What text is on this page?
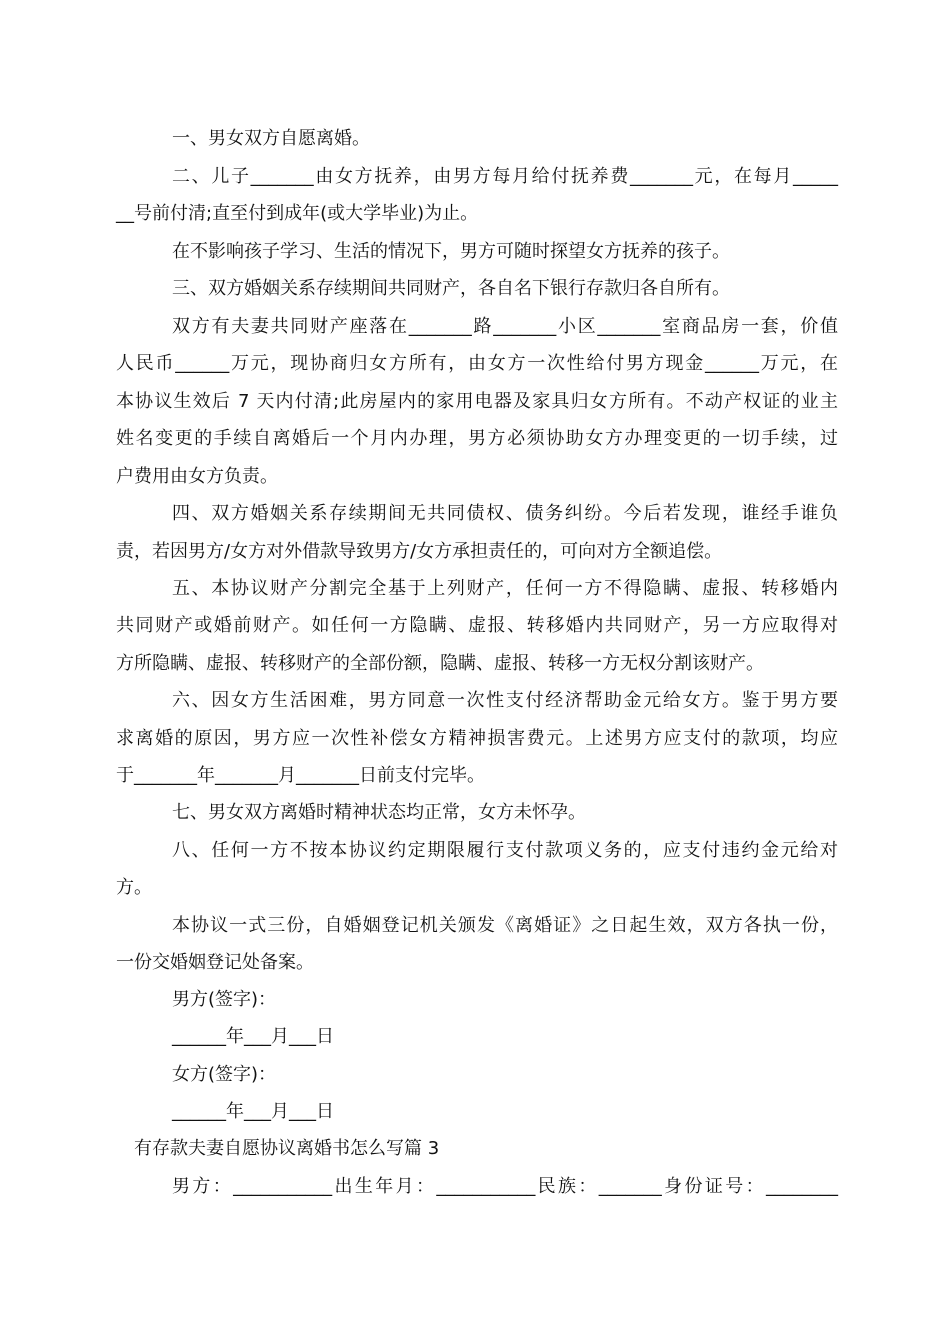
一、男女双方自愿离婚。
二、儿子_______由女方抚养，由男方每月给付抚养费_______元，在每月_____
__号前付清;直至付到成年(或大学毕业)为止。
在不影响孩子学习、生活的情况下，男方可随时探望女方抚养的孩子。
三、双方婚姻关系存续期间共同财产，各自名下银行存款归各自所有。
双方有夫妻共同财产座落在_______路_______小区_______室商品房一套，价值
人民币______万元，现协商归女方所有，由女方一次性给付男方现金______万元，在
本协议生效后 7 天内付清;此房屋内的家用电器及家具归女方所有。不动产权证的业主
姓名变更的手续自离婚后一个月内办理，男方必须协助女方办理变更的一切手续，过
户费用由女方负责。
四、双方婚姻关系存续期间无共同债权、债务纠纷。今后若发现，谁经手谁负
责，若因男方/女方对外借款导致男方/女方承担责任的，可向对方全额追偿。
五、本协议财产分割完全基于上列财产，任何一方不得隐瞒、虚报、转移婚内
共同财产或婚前财产。如任何一方隐瞒、虚报、转移婚内共同财产，另一方应取得对
方所隐瞒、虚报、转移财产的全部份额，隐瞒、虚报、转移一方无权分割该财产。
六、因女方生活困难，男方同意一次性支付经济帮助金元给女方。鉴于男方要
求离婚的原因，男方应一次性补偿女方精神损害费元。上述男方应支付的款项，均应
于_______年_______月_______日前支付完毕。
七、男女双方离婚时精神状态均正常，女方未怀孕。
八、任何一方不按本协议约定期限履行支付款项义务的，应支付违约金元给对
方。
本协议一式三份，自婚姻登记机关颁发《离婚证》之日起生效，双方各执一份，
一份交婚姻登记处备案。
男方(签字)：
______年___月___日
女方(签字)：
______年___月___日
有存款夫妻自愿协议离婚书怎么写篇 3
男方：___________出生年月：___________民族：_______身份证号：________
